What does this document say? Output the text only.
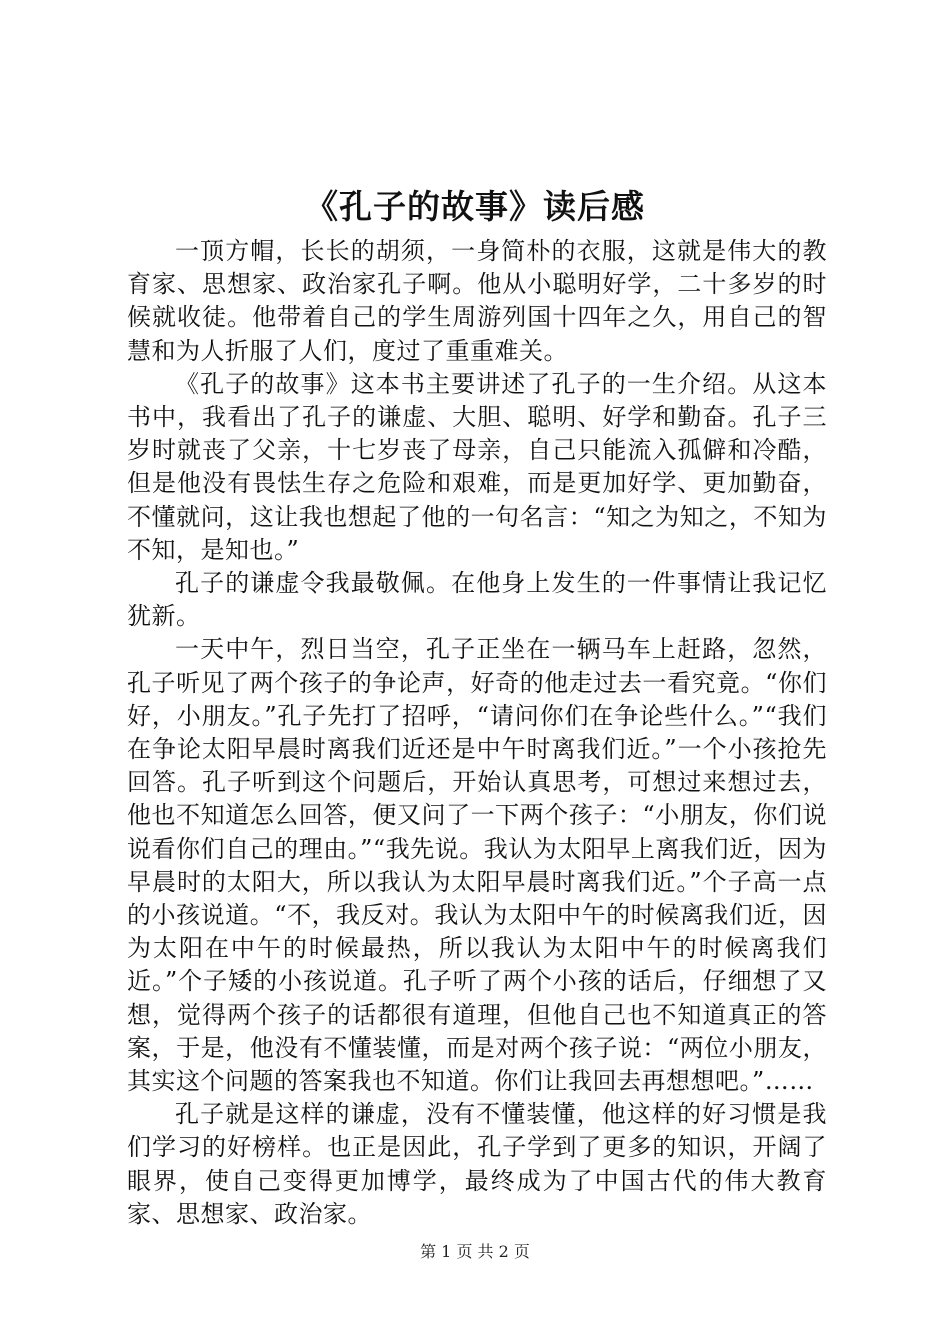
《孔子的故事》读后感

一顶方帽，长长的胡须，一身简朴的衣服，这就是伟大的教育家、思想家、政治家孔子啊。他从小聪明好学，二十多岁的时候就收徒。他带着自己的学生周游列国十四年之久，用自己的智慧和为人折服了人们，度过了重重难关。

《孔子的故事》这本书主要讲述了孔子的一生介绍。从这本书中，我看出了孔子的谦虚、大胆、聪明、好学和勤奋。孔子三岁时就丧了父亲，十七岁丧了母亲，自己只能流入孤僻和冷酷，但是他没有畏怯生存之危险和艰难，而是更加好学、更加勤奋，不懂就问，这让我也想起了他的一句名言：“知之为知之，不知为不知，是知也。”

孔子的谦虚令我最敬佩。在他身上发生的一件事情让我记忆犹新。

一天中午，烈日当空，孔子正坐在一辆马车上赶路，忽然，孔子听见了两个孩子的争论声，好奇的他走过去一看究竟。“你们好，小朋友。”孔子先打了招呼，“请问你们在争论些什么。”“我们在争论太阳早晨时离我们近还是中午时离我们近。”一个小孩抢先回答。孔子听到这个问题后，开始认真思考，可想过来想过去，他也不知道怎么回答，便又问了一下两个孩子：“小朋友，你们说说看你们自己的理由。”“我先说。我认为太阳早上离我们近，因为早晨时的太阳大，所以我认为太阳早晨时离我们近。”个子高一点的小孩说道。“不，我反对。我认为太阳中午的时候离我们近，因为太阳在中午的时候最热，所以我认为太阳中午的时候离我们近。”个子矮的小孩说道。孔子听了两个小孩的话后，仔细想了又想，觉得两个孩子的话都很有道理，但他自己也不知道真正的答案，于是，他没有不懂装懂，而是对两个孩子说：“两位小朋友，其实这个问题的答案我也不知道。你们让我回去再想想吧。”……

孔子就是这样的谦虚，没有不懂装懂，他这样的好习惯是我们学习的好榜样。也正是因此，孔子学到了更多的知识，开阔了眼界，使自己变得更加博学，最终成为了中国古代的伟大教育家、思想家、政治家。

第 1 页 共 2 页
